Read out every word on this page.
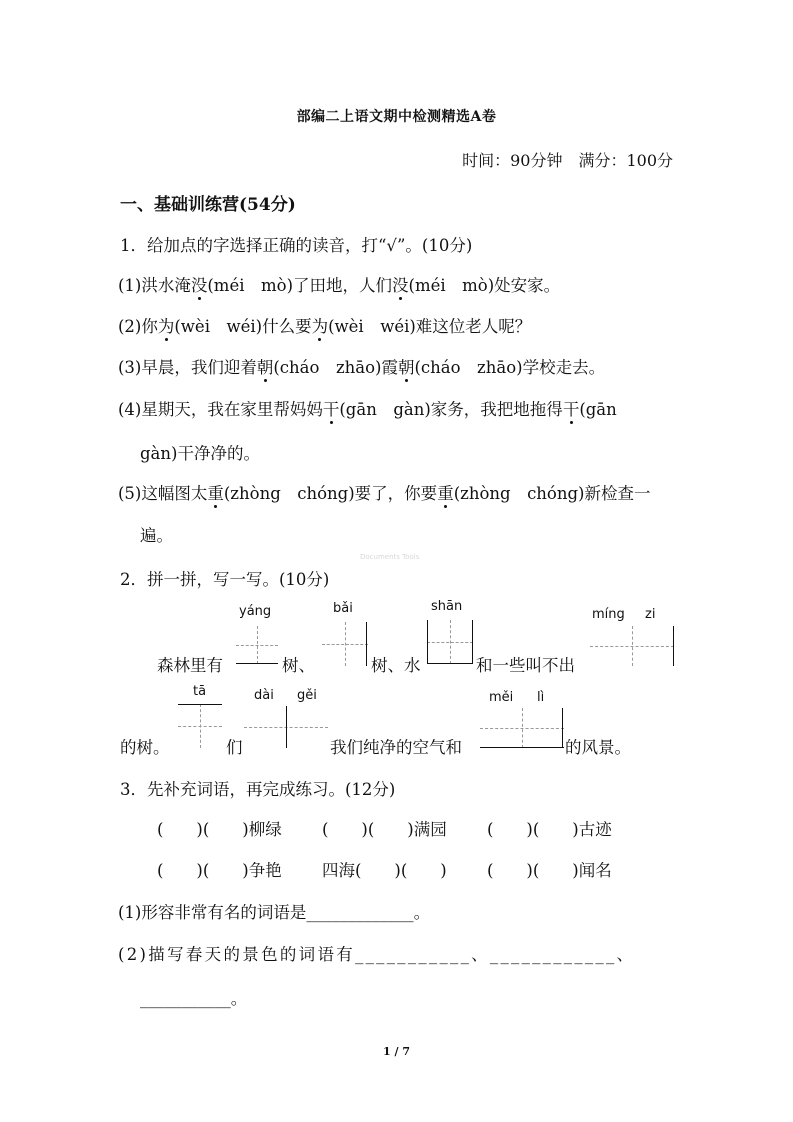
部编二上语文期中检测精选A卷
时间：90分钟　满分：100分
一、基础训练营(54分)
1．给加点的字选择正确的读音，打“√”。(10分)
(1)洪水淹没(méi　mò)了田地，人们没(méi　mò)处安家。
(2)你为(wèi　wéi)什么要为(wèi　wéi)难这位老人呢？
(3)早晨，我们迎着朝(cháo　zhāo)霞朝(cháo　zhāo)学校走去。
(4)星期天，我在家里帮妈妈干(gān　gàn)家务，我把地拖得干(gān
gàn)干净净的。
(5)这幅图太重(zhòng　chóng)要了，你要重(zhòng　chóng)新检查一
遍。
Documents Tools
2．拼一拼，写一写。(10分)
yáng	bǎi	shān
míng zi
森林里有	树、	树、水	和一些叫不出
tā	dài gěi	měi lì
的树。	们	我们纯净的空气和	的风景。
3．先补充词语，再完成练习。(12分)
(　　)(　　)柳绿 (　　)(　　)满园 (　　)(　　)古迹
(　　)(　　)争艳 四海(　　)(　　) (　　)(　　)闻名
(1)形容非常有名的词语是_____________。
(2)描写春天的景色的词语有___________、____________、
___________。
1 / 7
